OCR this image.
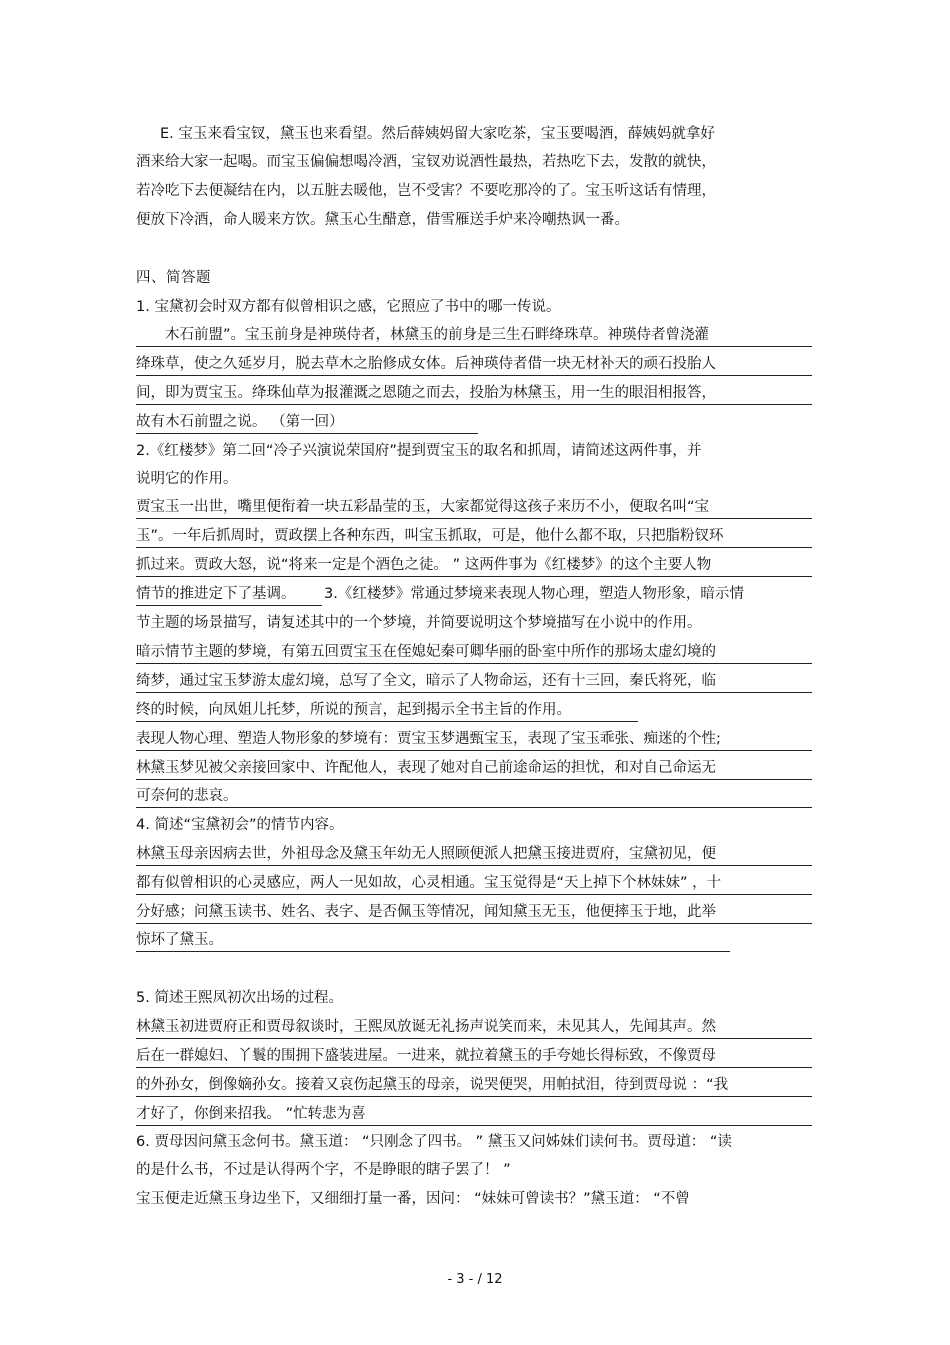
E. 宝玉来看宝钗，黛玉也来看望。然后薛姨妈留大家吃茶，宝玉要喝酒，薛姨妈就拿好
酒来给大家一起喝。而宝玉偏偏想喝冷酒，宝钗劝说酒性最热，若热吃下去，发散的就快，
若冷吃下去便凝结在内，以五脏去暖他，岂不受害？不要吃那冷的了。宝玉听这话有情理，
便放下冷酒，命人暖来方饮。黛玉心生醋意，借雪雁送手炉来冷嘲热讽一番。
四、简答题
1. 宝黛初会时双方都有似曾相识之感，它照应了书中的哪一传说。
木石前盟”。宝玉前身是神瑛侍者，林黛玉的前身是三生石畔绛珠草。神瑛侍者曾浇灌
绛珠草，使之久延岁月，脱去草木之胎修成女体。后神瑛侍者借一块无材补天的顽石投胎人
间，即为贾宝玉。绛珠仙草为报灌溉之恩随之而去，投胎为林黛玉，用一生的眼泪相报答，
故有木石前盟之说。 （第一回）
2.《红楼梦》第二回“冷子兴演说荣国府”提到贾宝玉的取名和抓周，请简述这两件事，并
说明它的作用。
贾宝玉一出世，嘴里便衔着一块五彩晶莹的玉，大家都觉得这孩子来历不小，便取名叫“宝
玉”。一年后抓周时，贾政摆上各种东西，叫宝玉抓取，可是，他什么都不取，只把脂粉钗环
抓过来。贾政大怒，说“将来一定是个酒色之徒。 ” 这两件事为《红楼梦》的这个主要人物
情节的推进定下了基调。	3.《红楼梦》常通过梦境来表现人物心理，塑造人物形象，暗示情
节主题的场景描写，请复述其中的一个梦境，并简要说明这个梦境描写在小说中的作用。
暗示情节主题的梦境，有第五回贾宝玉在侄媳妃秦可卿华丽的卧室中所作的那场太虚幻境的
绮梦，通过宝玉梦游太虚幻境，总写了全文，暗示了人物命运，还有十三回，秦氏将死，临
终的时候，向凤姐儿托梦，所说的预言，起到揭示全书主旨的作用。
表现人物心理、塑造人物形象的梦境有：贾宝玉梦遇甄宝玉，表现了宝玉乖张、痴迷的个性;
林黛玉梦见被父亲接回家中、许配他人，表现了她对自己前途命运的担忧，和对自己命运无
可奈何的悲哀。
4. 简述“宝黛初会”的情节内容。
林黛玉母亲因病去世，外祖母念及黛玉年幼无人照顾便派人把黛玉接进贾府，宝黛初见，便
都有似曾相识的心灵感应，两人一见如故，心灵相通。宝玉觉得是“天上掉下个林妹妹” ，十
分好感；问黛玉读书、姓名、表字、是否佩玉等情况，闻知黛玉无玉，他便摔玉于地，此举
惊坏了黛玉。
5. 简述王熙凤初次出场的过程。
林黛玉初进贾府正和贾母叙谈时，王熙凤放诞无礼扬声说笑而来，未见其人，先闻其声。然
后在一群媳妇、丫鬟的围拥下盛装进屋。一进来，就拉着黛玉的手夸她长得标致，不像贾母
的外孙女，倒像嫡孙女。接着又哀伤起黛玉的母亲，说哭便哭，用帕拭泪，待到贾母说 ：“我
才好了，你倒来招我。 ”忙转悲为喜
6. 贾母因问黛玉念何书。黛玉道： “只刚念了四书。 ” 黛玉又问姊妹们读何书。贾母道： “读
的是什么书，不过是认得两个字，不是睁眼的瞎子罢了！ ”
宝玉便走近黛玉身边坐下，又细细打量一番，因问： “妹妹可曾读书？”黛玉道： “不曾
- 3 - / 12
